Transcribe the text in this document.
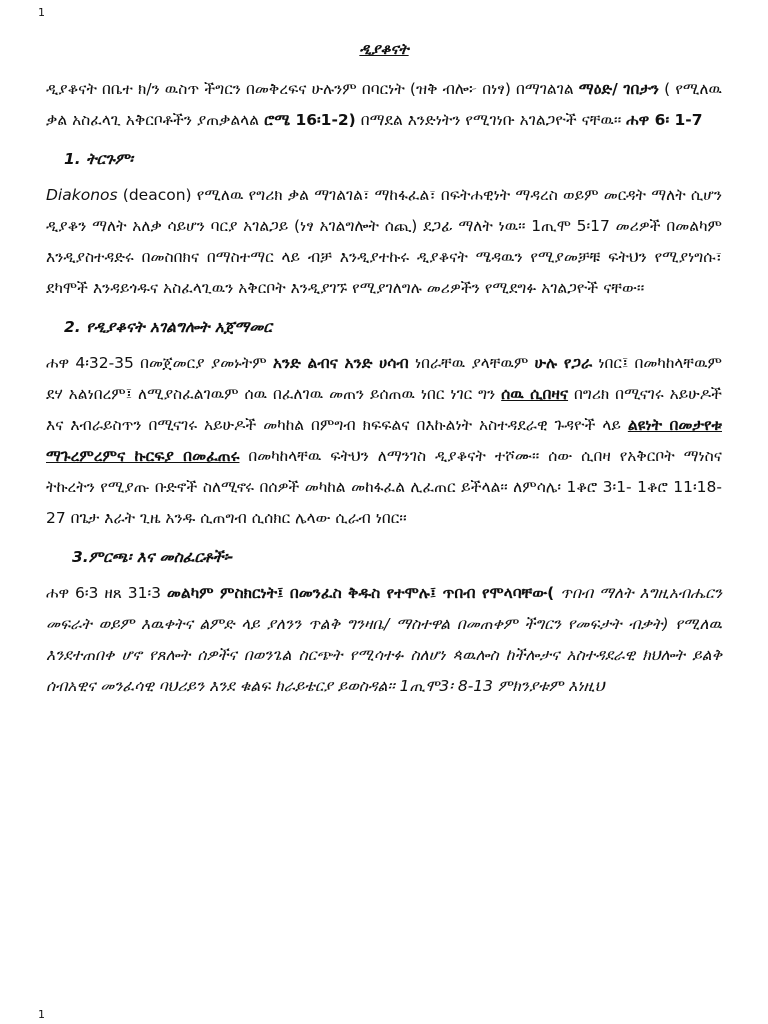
1
ዲያቆናት

ዲያቆናት በቤተ ክ/ን ዉስጥ ችግርን በመቅረፍና ሁሉንም በባርነት (ዝቅ ብሎ፦ በነፃ) በማገልገል ማዕድ/ ገበታን ( የሚለዉ ቃል አስፈላጊ አቅርቦቶችን ያጠቃልላል ሮሜ 16፡1-2) በማደል እንድነትን የሚገነቡ አገልጋዮች ናቸዉ፡፡ ሐዋ 6፡ 1-7

1. ትርጉም፡

Diakonos (deacon) የሚለዉ የግሪክ ቃል ማገልገል፣ ማከፋፈል፣ በፍትሐዊነት ማዳረስ ወይም መርዳት ማለት ሲሆን ዲያቆን ማለት አለቃ ሳይሆን ባርያ አገልጋይ (ነፃ አገልግሎት ሰጪ) ደጋፊ ማለት ነዉ፡፡ 1ጢሞ 5፡17 መሪዎች በመልካም እንዲያስተዳድሩ በመስበክና በማስተማር ላይ ብቻ እንዲያተኩሩ ዲያቆናት ሜዳዉን የሚያመቻቹ ፍትህን የሚያነግሱ፣ ደካሞች እንዳይጎዱና አስፈላጊዉን አቅርቦት እንዲያገኙ የሚያገለግሉ መሪዎችን የሚደግፉ አገልጋዮች ናቸው፡፡

2. የዲያቆናት አገልግሎት አጀማመር

ሐዋ 4፡32-35 በመጀመርያ ያመኑትም አንድ ልብና አንድ ሀሳብ ነበራቸዉ ያላቸዉም ሁሉ የጋራ ነበር፤ በመካከላቸዉም ደሃ አልነበረም፤ ለሚያስፈልገዉም ሰዉ በፈለገዉ መጠን ይሰጠዉ ነበር ነገር ግን ሰዉ ሲበዛና በግሪክ በሚናገሩ አይሁዶች እና እብራይስጥን በሚናገሩ አይሁዶች መካከል በምግብ ክፍፍልና በእኩልነት አስተዳደራዊ ጉዳዮች ላይ ልዩነት በመታየቱ ማጉረምረምና ኩርፍያ በመፈጠሩ በመካከላቸዉ ፍትህን ለማንገስ ዲያቆናት ተሾሙ፡፡ ሰው ሲበዛ የአቅርቦት ማነስና ትኩረትን የሚያጡ ቡድኖች ስለሚኖሩ በሰዎች መካከል መከፋፈል ሊፈጠር ይችላል፡፡ ለምሳሌ፡ 1ቆሮ 3፡1- 1ቆሮ 11፡18-27 በጌታ እራት ጊዜ አንዱ ሲጠግብ ሲሰክር ሌላው ሲራብ ነበር፡፡

3.ምርጫ፡ እና መስፈርቶች፡-

ሐዋ 6፡3 ዘጸ 31፡3 መልካም ምስክርነት፤ በመንፈስ ቅዱስ የተሞሉ፤ ጥበብ የሞላባቸው( ጥበብ ማለት እግዚአብሔርን መፍራት ወይም እዉቀትና ልምድ ላይ ያለንን ጥልቅ ግንዛቤ/ ማስተዋል በመጠቀም ችግርን የመፍታት ብቃት) የሚለዉ እንደተጠበቀ ሆኖ የጸሎት ሰዎችና በወንጌል ስርጭት የሚሳተፉ ስለሆነ ጳዉሎስ ከችሎታና አስተዳደራዊ ክህሎት ይልቅ ሰብአዊና መንፈሳዊ ባህሪይን እንደ ቁልፍ ክራይቴርያ ይወስዳል፡፡ 1ጢሞ3፡ 8-13 ምክንያቱም እነዚህ

1
